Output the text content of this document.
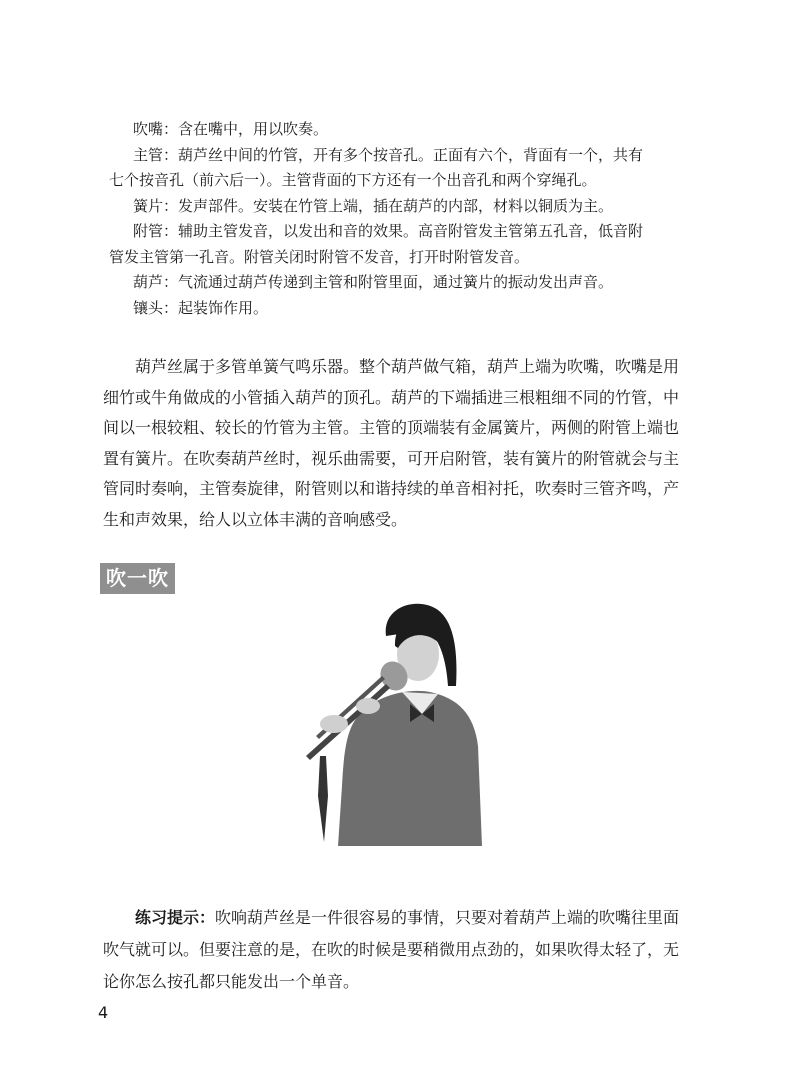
吹嘴：含在嘴中，用以吹奏。

主管：葫芦丝中间的竹管，开有多个按音孔。正面有六个，背面有一个，共有

七个按音孔（前六后一）。主管背面的下方还有一个出音孔和两个穿绳孔。

簧片：发声部件。安装在竹管上端，插在葫芦的内部，材料以铜质为主。

附管：辅助主管发音，以发出和音的效果。高音附管发主管第五孔音，低音附

管发主管第一孔音。附管关闭时附管不发音，打开时附管发音。

葫芦：气流通过葫芦传递到主管和附管里面，通过簧片的振动发出声音。

镶头：起装饰作用。

葫芦丝属于多管单簧气鸣乐器。整个葫芦做气箱，葫芦上端为吹嘴，吹嘴是用

细竹或牛角做成的小管插入葫芦的顶孔。葫芦的下端插进三根粗细不同的竹管，中

间以一根较粗、较长的竹管为主管。主管的顶端装有金属簧片，两侧的附管上端也

置有簧片。在吹奏葫芦丝时，视乐曲需要，可开启附管，装有簧片的附管就会与主

管同时奏响，主管奏旋律，附管则以和谐持续的单音相衬托，吹奏时三管齐鸣，产

生和声效果，给人以立体丰满的音响感受。

吹一吹

练习提示：吹响葫芦丝是一件很容易的事情，只要对着葫芦上端的吹嘴往里面

吹气就可以。但要注意的是，在吹的时候是要稍微用点劲的，如果吹得太轻了，无

论你怎么按孔都只能发出一个单音。

4
